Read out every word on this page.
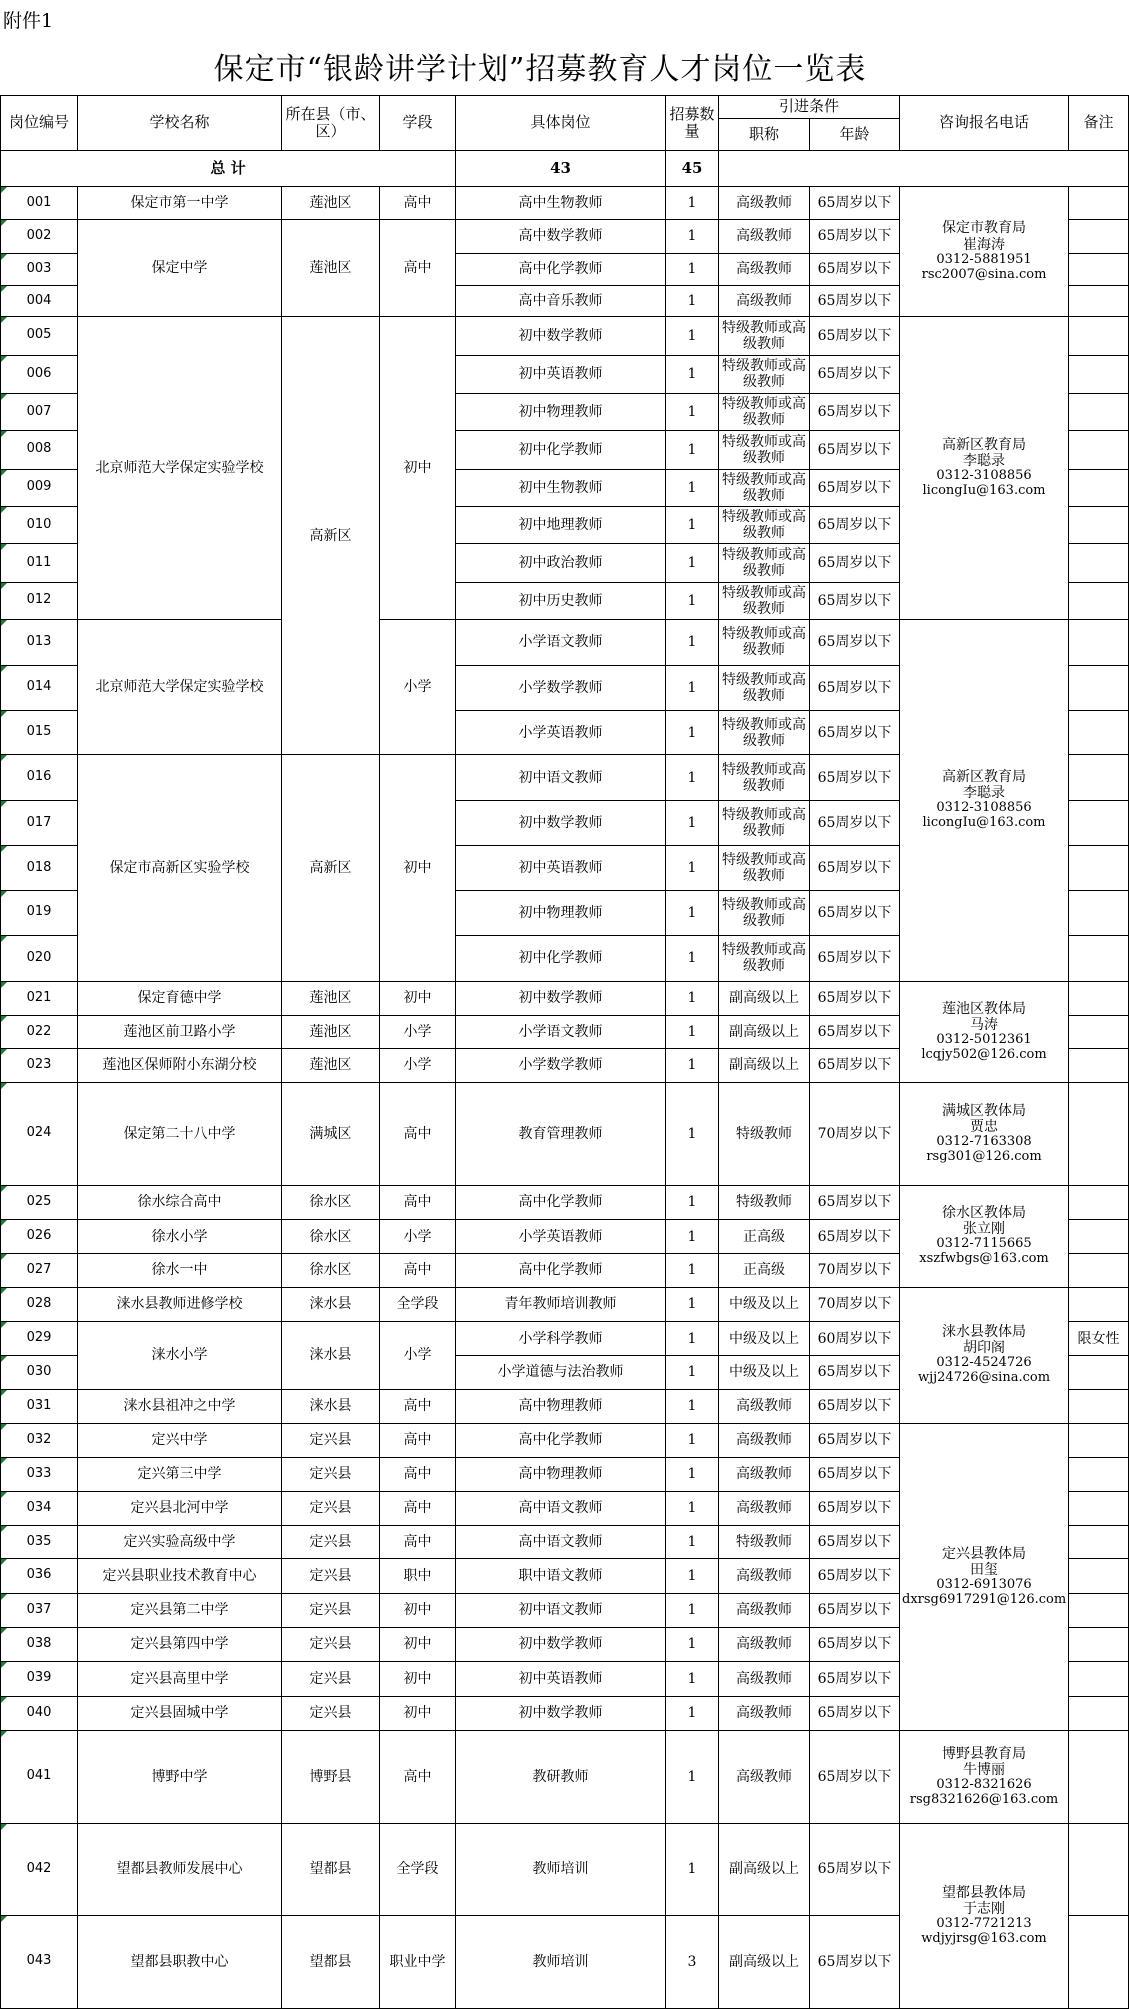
附件1
保定市“银龄讲学计划”招募教育人才岗位一览表
岗位编号	学校名称	所在县（市、区）	学段	具体岗位	招募数量	引进条件		咨询报名电话	备注
						职称	年龄		
总 计				43	45				

001	保定市第一中学	莲池区	高中	高中生物教师	1	高级教师	65周岁以下	保定市教育局
崔海涛
0312-5881951
rsc2007@sina.com	

002	保定中学	莲池区	高中	高中数学教师	1	高级教师	65周岁以下		

003				高中化学教师	1	高级教师	65周岁以下		

004				高中音乐教师	1	高级教师	65周岁以下		

005	北京师范大学保定实验学校	高新区	初中	初中数学教师	1	特级教师或高级教师	65周岁以下	高新区教育局
李聪录
0312-3108856
licongIu@163.com	

006				初中英语教师	1	特级教师或高级教师	65周岁以下		

007				初中物理教师	1	特级教师或高级教师	65周岁以下		

008				初中化学教师	1	特级教师或高级教师	65周岁以下		

009				初中生物教师	1	特级教师或高级教师	65周岁以下		

010				初中地理教师	1	特级教师或高级教师	65周岁以下		

011				初中政治教师	1	特级教师或高级教师	65周岁以下		

012				初中历史教师	1	特级教师或高级教师	65周岁以下		

013	北京师范大学保定实验学校		小学	小学语文教师	1	特级教师或高级教师	65周岁以下	高新区教育局
李聪录
0312-3108856
licongIu@163.com	

014				小学数学教师	1	特级教师或高级教师	65周岁以下		

015				小学英语教师	1	特级教师或高级教师	65周岁以下		

016	保定市高新区实验学校	高新区	初中	初中语文教师	1	特级教师或高级教师	65周岁以下		

017				初中数学教师	1	特级教师或高级教师	65周岁以下		

018				初中英语教师	1	特级教师或高级教师	65周岁以下		

019				初中物理教师	1	特级教师或高级教师	65周岁以下		

020				初中化学教师	1	特级教师或高级教师	65周岁以下		

021	保定育德中学	莲池区	初中	初中数学教师	1	副高级以上	65周岁以下	莲池区教体局
马涛
0312-5012361
lcqjy502@126.com	

022	莲池区前卫路小学	莲池区	小学	小学语文教师	1	副高级以上	65周岁以下		

023	莲池区保师附小东湖分校	莲池区	小学	小学数学教师	1	副高级以上	65周岁以下		

024	保定第二十八中学	满城区	高中	教育管理教师	1	特级教师	70周岁以下	满城区教体局
贾忠
0312-7163308
rsg301@126.com	

025	徐水综合高中	徐水区	高中	高中化学教师	1	特级教师	65周岁以下	徐水区教体局
张立刚
0312-7115665
xszfwbgs@163.com	

026	徐水小学	徐水区	小学	小学英语教师	1	正高级	65周岁以下		

027	徐水一中	徐水区	高中	高中化学教师	1	正高级	70周岁以下		

028	涞水县教师进修学校	涞水县	全学段	青年教师培训教师	1	中级及以上	70周岁以下	涞水县教体局
胡印阁
0312-4524726
wjj24726@sina.com	

029	涞水小学	涞水县	小学	小学科学教师	1	中级及以上	60周岁以下		限女性

030				小学道德与法治教师	1	中级及以上	65周岁以下		

031	涞水县祖冲之中学	涞水县	高中	高中物理教师	1	高级教师	65周岁以下		

032	定兴中学	定兴县	高中	高中化学教师	1	高级教师	65周岁以下	定兴县教体局
田玺
0312-6913076
dxrsg6917291@126.com	

033	定兴第三中学	定兴县	高中	高中物理教师	1	高级教师	65周岁以下		

034	定兴县北河中学	定兴县	高中	高中语文教师	1	高级教师	65周岁以下		

035	定兴实验高级中学	定兴县	高中	高中语文教师	1	特级教师	65周岁以下		

036	定兴县职业技术教育中心	定兴县	职中	职中语文教师	1	高级教师	65周岁以下		

037	定兴县第二中学	定兴县	初中	初中语文教师	1	高级教师	65周岁以下		

038	定兴县第四中学	定兴县	初中	初中数学教师	1	高级教师	65周岁以下		

039	定兴县高里中学	定兴县	初中	初中英语教师	1	高级教师	65周岁以下		

040	定兴县固城中学	定兴县	初中	初中数学教师	1	高级教师	65周岁以下		

041	博野中学	博野县	高中	教研教师	1	高级教师	65周岁以下	博野县教育局
牛博丽
0312-8321626
rsg8321626@163.com	

042	望都县教师发展中心	望都县	全学段	教师培训	1	副高级以上	65周岁以下	望都县教体局
于志刚
0312-7721213
wdjyjrsg@163.com	

043	望都县职教中心	望都县	职业中学	教师培训	3	副高级以上	65周岁以下		
